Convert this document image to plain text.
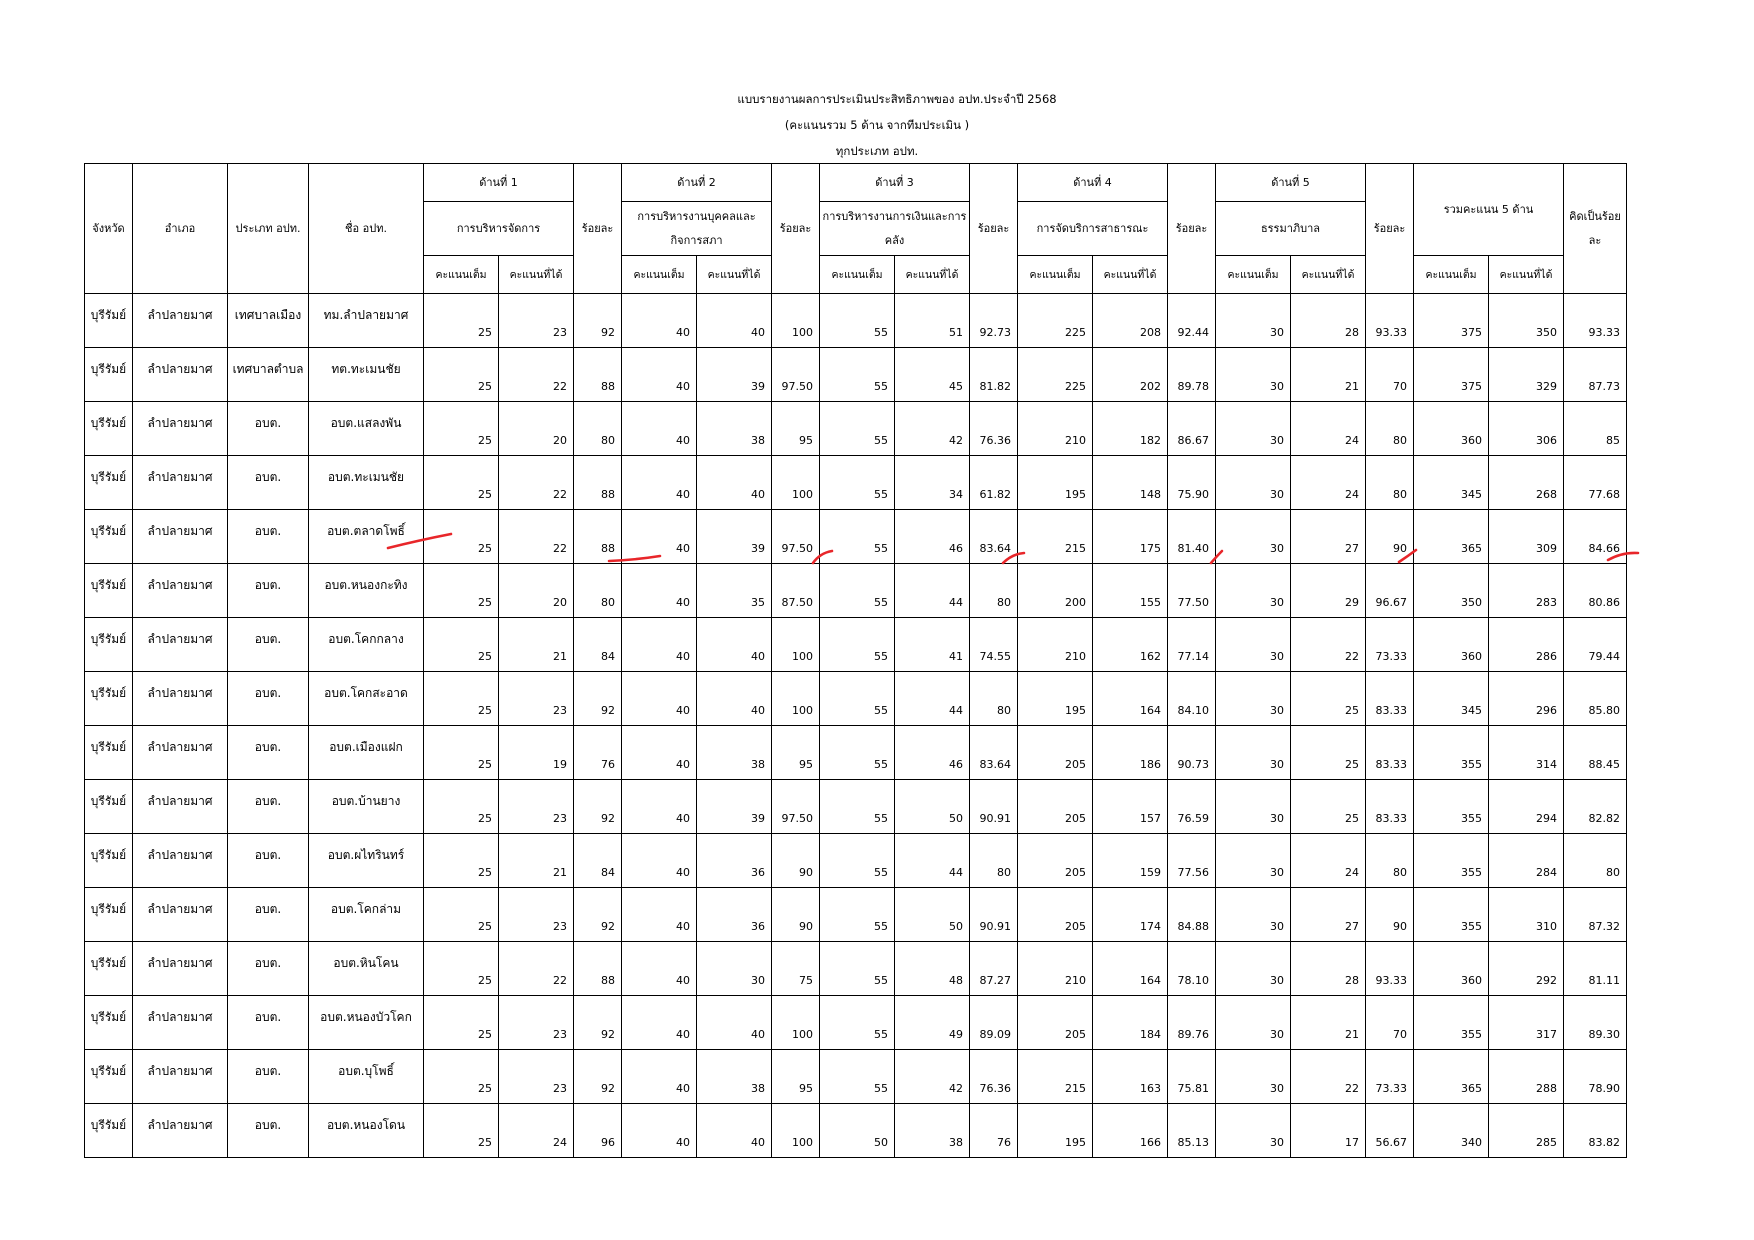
แบบรายงานผลการประเมินประสิทธิภาพของ อปท.ประจำปี 2568
(คะแนนรวม 5 ด้าน จากทีมประเมิน )
ทุกประเภท อปท.
จังหวัด	อำเภอ	ประเภท อปท.	ชื่อ อปท.	ด้านที่ 1		ร้อยละ	ด้านที่ 2		ร้อยละ	ด้านที่ 3		ร้อยละ	ด้านที่ 4		ร้อยละ	ด้านที่ 5		ร้อยละ	รวมคะแนน 5 ด้าน		คิดเป็นร้อยละ
				การบริหารจัดการ			การบริหารงานบุคคลและกิจการสภา			การบริหารงานการเงินและการคลัง			การจัดบริการสาธารณะ			ธรรมาภิบาล					
				คะแนนเต็ม	คะแนนที่ได้		คะแนนเต็ม	คะแนนที่ได้		คะแนนเต็ม	คะแนนที่ได้		คะแนนเต็ม	คะแนนที่ได้		คะแนนเต็ม	คะแนนที่ได้		คะแนนเต็ม	คะแนนที่ได้	
บุรีรัมย์	ลำปลายมาศ	เทศบาลเมือง	ทม.ลำปลายมาศ	25	23	92	40	40	100	55	51	92.73	225	208	92.44	30	28	93.33	375	350	93.33
บุรีรัมย์	ลำปลายมาศ	เทศบาลตำบล	ทต.ทะเมนชัย	25	22	88	40	39	97.50	55	45	81.82	225	202	89.78	30	21	70	375	329	87.73
บุรีรัมย์	ลำปลายมาศ	อบต.	อบต.แสลงพัน	25	20	80	40	38	95	55	42	76.36	210	182	86.67	30	24	80	360	306	85
บุรีรัมย์	ลำปลายมาศ	อบต.	อบต.ทะเมนชัย	25	22	88	40	40	100	55	34	61.82	195	148	75.90	30	24	80	345	268	77.68
บุรีรัมย์	ลำปลายมาศ	อบต.	อบต.ตลาดโพธิ์	25	22	88	40	39	97.50	55	46	83.64	215	175	81.40	30	27	90	365	309	84.66
บุรีรัมย์	ลำปลายมาศ	อบต.	อบต.หนองกะทิง	25	20	80	40	35	87.50	55	44	80	200	155	77.50	30	29	96.67	350	283	80.86
บุรีรัมย์	ลำปลายมาศ	อบต.	อบต.โคกกลาง	25	21	84	40	40	100	55	41	74.55	210	162	77.14	30	22	73.33	360	286	79.44
บุรีรัมย์	ลำปลายมาศ	อบต.	อบต.โคกสะอาด	25	23	92	40	40	100	55	44	80	195	164	84.10	30	25	83.33	345	296	85.80
บุรีรัมย์	ลำปลายมาศ	อบต.	อบต.เมืองแฝก	25	19	76	40	38	95	55	46	83.64	205	186	90.73	30	25	83.33	355	314	88.45
บุรีรัมย์	ลำปลายมาศ	อบต.	อบต.บ้านยาง	25	23	92	40	39	97.50	55	50	90.91	205	157	76.59	30	25	83.33	355	294	82.82
บุรีรัมย์	ลำปลายมาศ	อบต.	อบต.ผไทรินทร์	25	21	84	40	36	90	55	44	80	205	159	77.56	30	24	80	355	284	80
บุรีรัมย์	ลำปลายมาศ	อบต.	อบต.โคกล่าม	25	23	92	40	36	90	55	50	90.91	205	174	84.88	30	27	90	355	310	87.32
บุรีรัมย์	ลำปลายมาศ	อบต.	อบต.หินโคน	25	22	88	40	30	75	55	48	87.27	210	164	78.10	30	28	93.33	360	292	81.11
บุรีรัมย์	ลำปลายมาศ	อบต.	อบต.หนองบัวโคก	25	23	92	40	40	100	55	49	89.09	205	184	89.76	30	21	70	355	317	89.30
บุรีรัมย์	ลำปลายมาศ	อบต.	อบต.บุโพธิ์	25	23	92	40	38	95	55	42	76.36	215	163	75.81	30	22	73.33	365	288	78.90
บุรีรัมย์	ลำปลายมาศ	อบต.	อบต.หนองโดน	25	24	96	40	40	100	50	38	76	195	166	85.13	30	17	56.67	340	285	83.82
